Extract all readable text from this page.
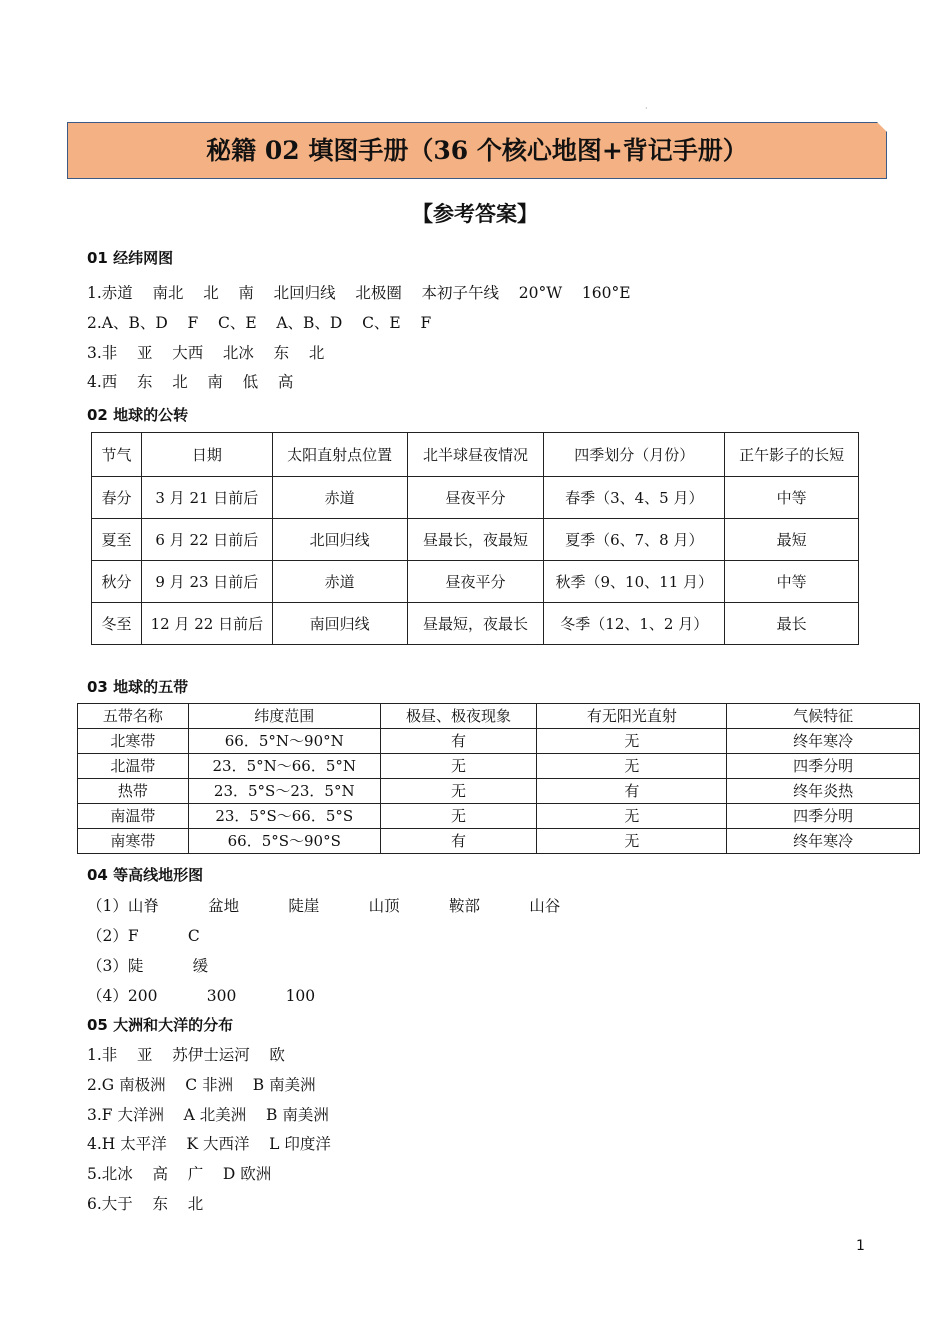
·
秘籍 02 填图手册（36 个核心地图+背记手册）
【参考答案】
01 经纬网图
1.赤道    南北    北    南    北回归线    北极圈    本初子午线    20°W    160°E
2.A、B、D    F    C、E    A、B、D    C、E    F
3.非    亚    大西    北冰    东    北
4.西    东    北    南    低    高
02 地球的公转
节气	日期	太阳直射点位置	北半球昼夜情况	四季划分（月份）	正午影子的长短
春分	3 月 21 日前后	赤道	昼夜平分	春季（3、4、5 月）	中等
夏至	6 月 22 日前后	北回归线	昼最长，夜最短	夏季（6、7、8 月）	最短
秋分	9 月 23 日前后	赤道	昼夜平分	秋季（9、10、11 月）	中等
冬至	12 月 22 日前后	南回归线	昼最短，夜最长	冬季（12、1、2 月）	最长
03 地球的五带
五带名称	纬度范围	极昼、极夜现象	有无阳光直射	气候特征
北寒带	66．5°N～90°N	有	无	终年寒冷
北温带	23．5°N～66．5°N	无	无	四季分明
热带	23．5°S～23．5°N	无	有	终年炎热
南温带	23．5°S～66．5°S	无	无	四季分明
南寒带	66．5°S～90°S	有	无	终年寒冷
04 等高线地形图
（1）山脊          盆地          陡崖          山顶          鞍部          山谷
（2）F          C
（3）陡          缓
（4）200          300          100
05 大洲和大洋的分布
1.非    亚    苏伊士运河    欧
2.G 南极洲    C 非洲    B 南美洲
3.F 大洋洲    A 北美洲    B 南美洲
4.H 太平洋    K 大西洋    L 印度洋
5.北冰    高    广    D 欧洲
6.大于    东    北
1
